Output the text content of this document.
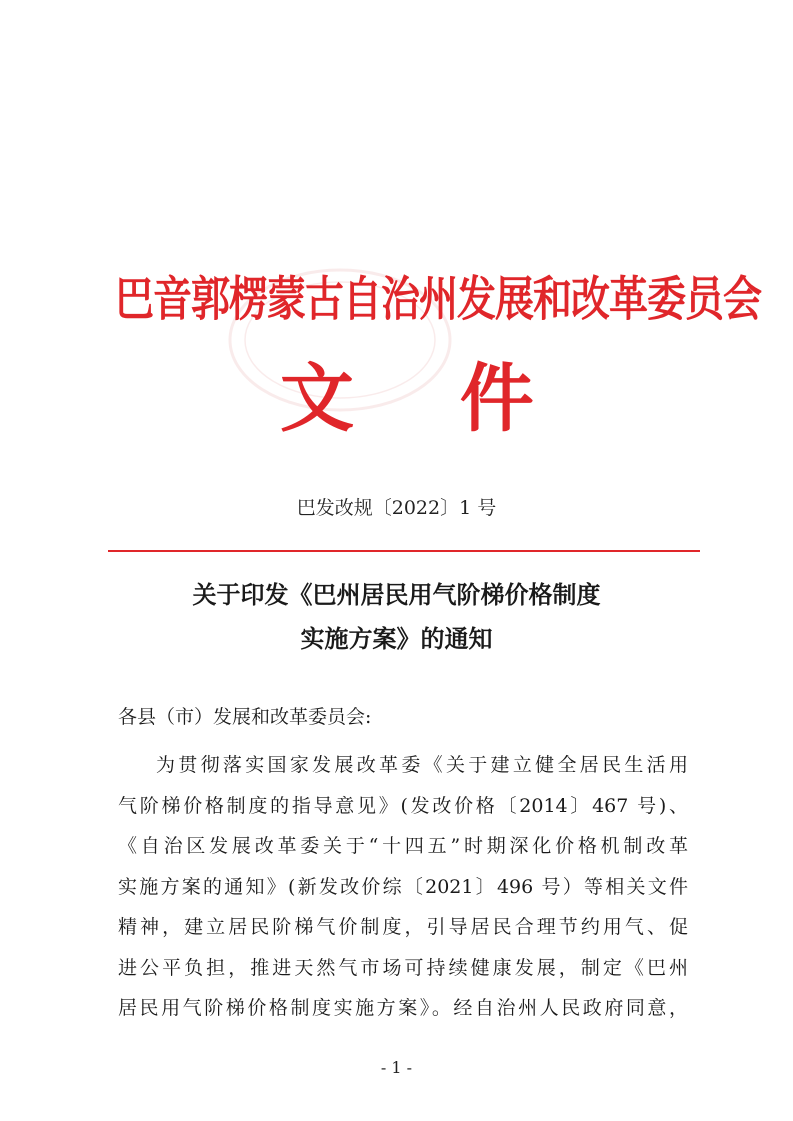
巴音郭楞蒙古自治州发展和改革委员会
文 件
巴发改规〔2022〕1 号
关于印发《巴州居民用气阶梯价格制度
实施方案》的通知
各县（市）发展和改革委员会:
为贯彻落实国家发展改革委《关于建立健全居民生活用
气阶梯价格制度的指导意见》(发改价格〔2014〕467 号)、
《自治区发展改革委关于“十四五”时期深化价格机制改革
实施方案的通知》(新发改价综〔2021〕496 号）等相关文件
精神，建立居民阶梯气价制度，引导居民合理节约用气、促
进公平负担，推进天然气市场可持续健康发展，制定《巴州
居民用气阶梯价格制度实施方案》。经自治州人民政府同意，
- 1 -
